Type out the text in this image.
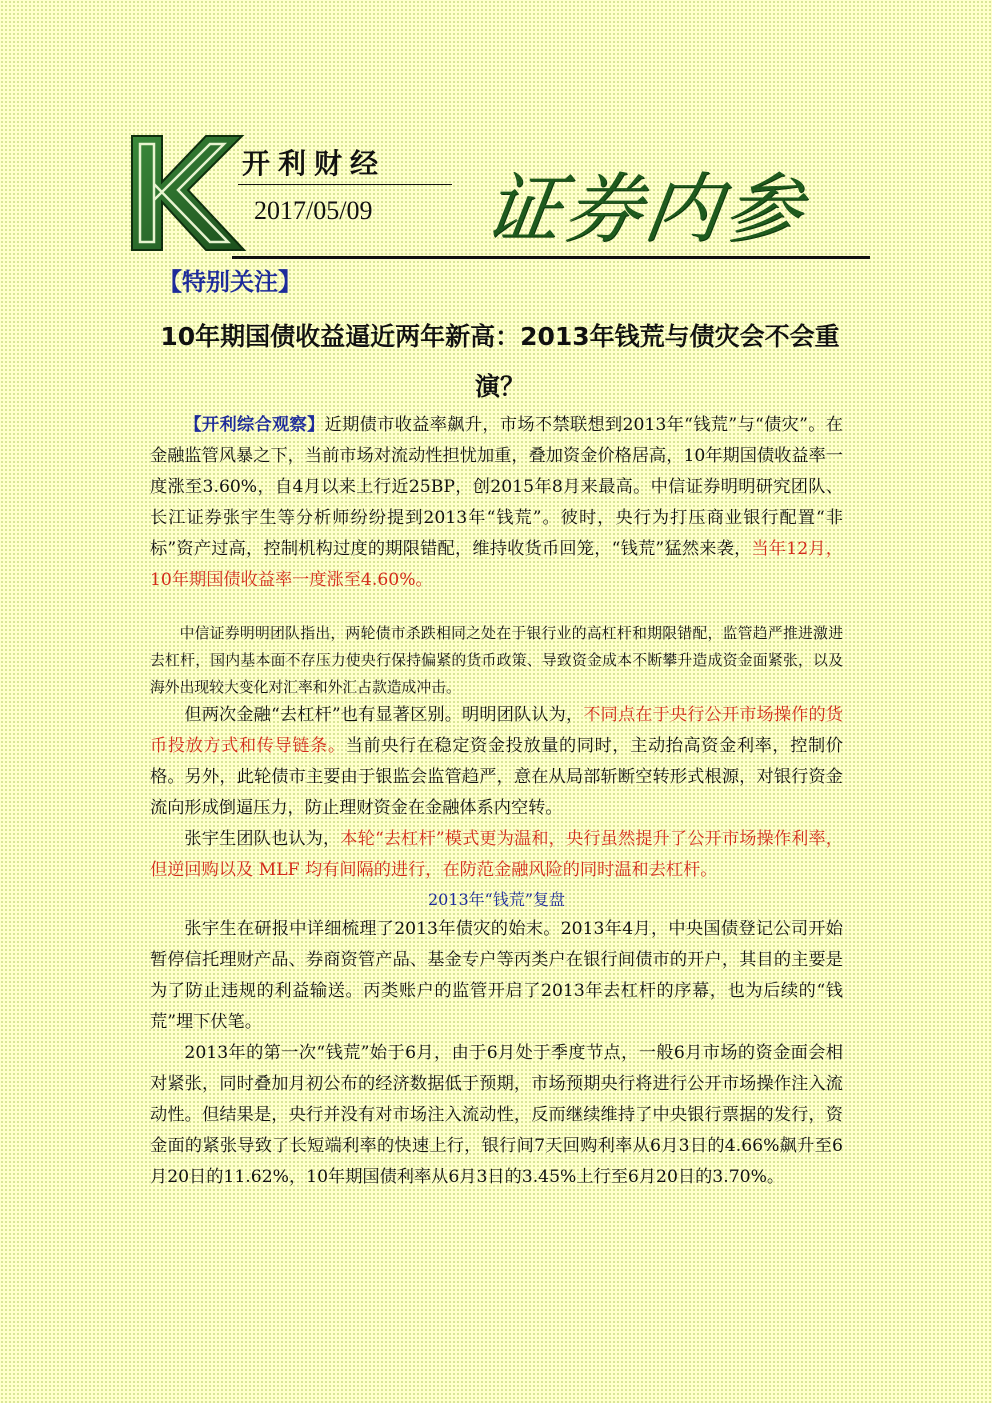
K
开利财经
2017/05/09 证券内参
【特别关注】
10年期国债收益逼近两年新高：2013年钱荒与债灾会不会重演？

【开利综合观察】近期债市收益率飙升，市场不禁联想到2013年“钱荒”与“债灾”。在金融监管风暴之下，当前市场对流动性担忧加重，叠加资金价格居高，10年期国债收益率一度涨至3.60%，自4月以来上行近25BP，创2015年8月来最高。中信证券明明研究团队、长江证券张宇生等分析师纷纷提到2013年“钱荒”。彼时，央行为打压商业银行配置“非标”资产过高，控制机构过度的期限错配，维持收货币回笼，“钱荒”猛然来袭，当年12月，10年期国债收益率一度涨至4.60%。

中信证券明明团队指出，两轮债市杀跌相同之处在于银行业的高杠杆和期限错配，监管趋严推进激进去杠杆，国内基本面不存压力使央行保持偏紧的货币政策、导致资金成本不断攀升造成资金面紧张，以及海外出现较大变化对汇率和外汇占款造成冲击。

但两次金融“去杠杆”也有显著区别。明明团队认为，不同点在于央行公开市场操作的货币投放方式和传导链条。当前央行在稳定资金投放量的同时，主动抬高资金利率，控制价格。另外，此轮债市主要由于银监会监管趋严，意在从局部斩断空转形式根源，对银行资金流向形成倒逼压力，防止理财资金在金融体系内空转。

张宇生团队也认为，本轮“去杠杆”模式更为温和，央行虽然提升了公开市场操作利率，但逆回购以及 MLF 均有间隔的进行，在防范金融风险的同时温和去杠杆。

2013年“钱荒”复盘

张宇生在研报中详细梳理了2013年债灾的始末。2013年4月，中央国债登记公司开始暂停信托理财产品、券商资管产品、基金专户等丙类户在银行间债市的开户，其目的主要是为了防止违规的利益输送。丙类账户的监管开启了2013年去杠杆的序幕，也为后续的“钱荒”埋下伏笔。

2013年的第一次“钱荒”始于6月，由于6月处于季度节点，一般6月市场的资金面会相对紧张，同时叠加月初公布的经济数据低于预期，市场预期央行将进行公开市场操作注入流动性。但结果是，央行并没有对市场注入流动性，反而继续维持了中央银行票据的发行，资金面的紧张导致了长短端利率的快速上行，银行间7天回购利率从6月3日的4.66%飙升至6月20日的11.62%，10年期国债利率从6月3日的3.45%上行至6月20日的3.70%。
